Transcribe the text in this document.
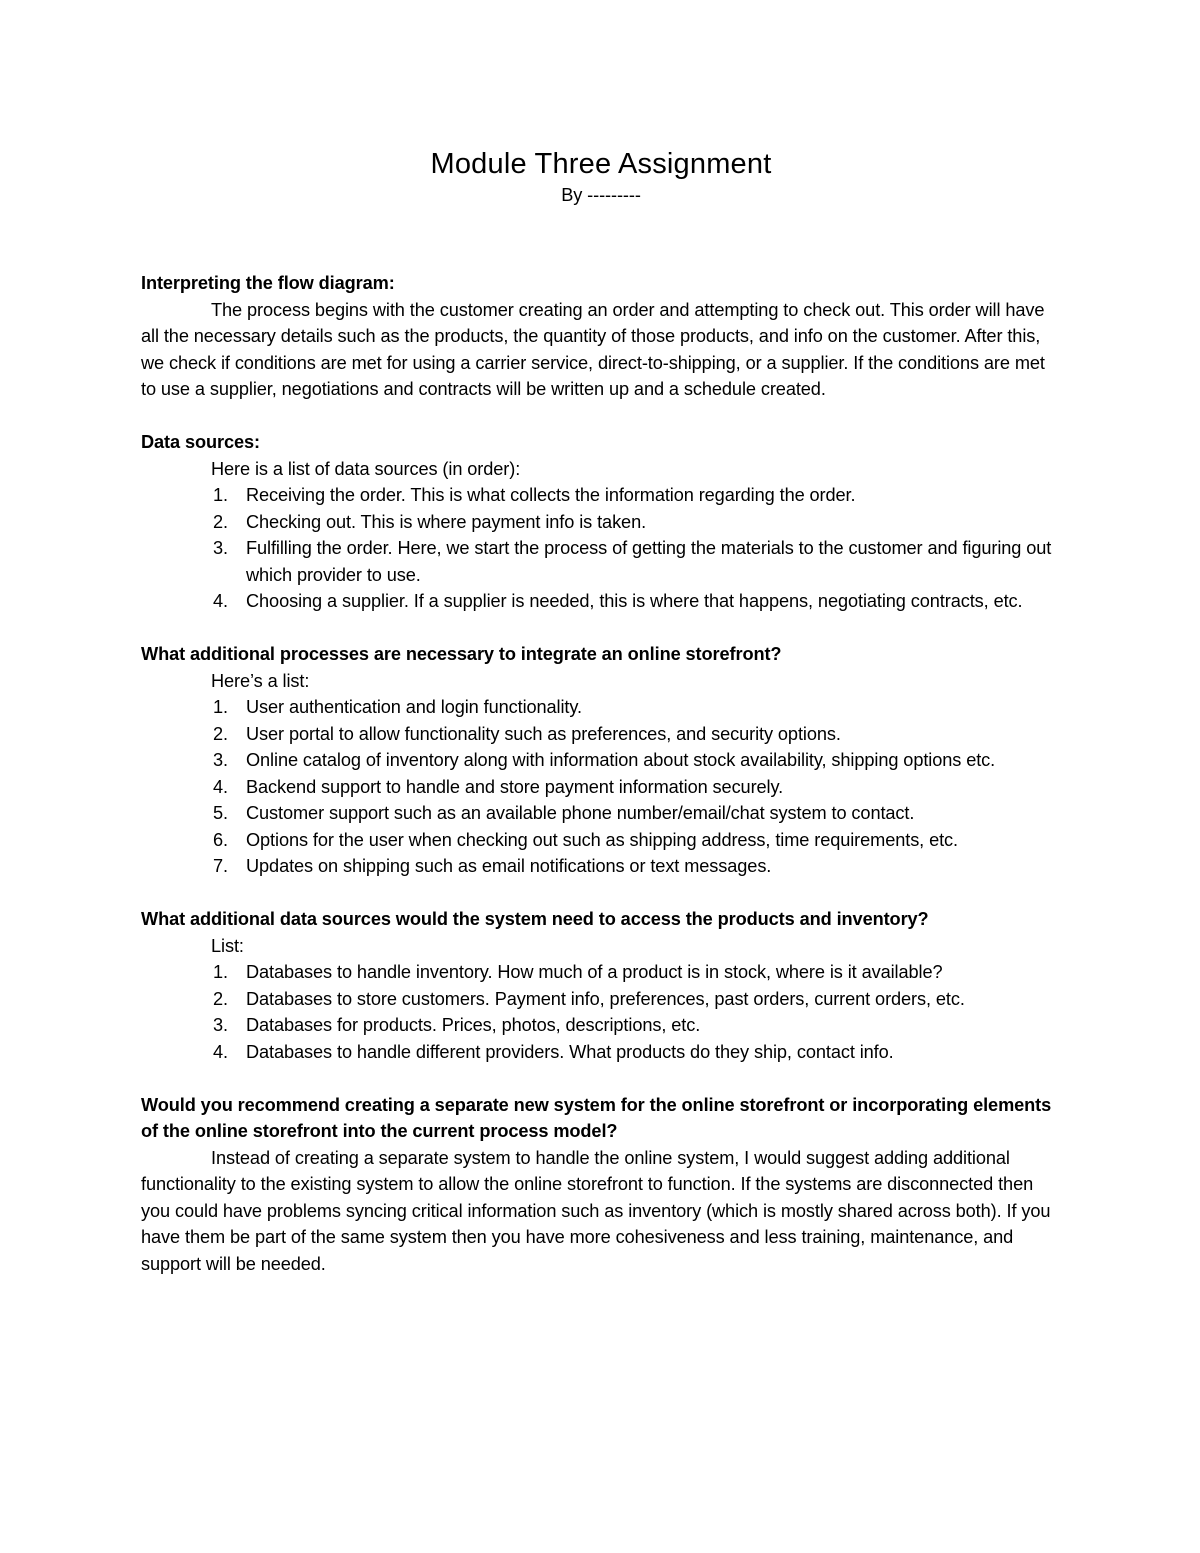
Module Three Assignment

By ---------

Interpreting the flow diagram:

The process begins with the customer creating an order and attempting to check out. This order will have all the necessary details such as the products, the quantity of those products, and info on the customer. After this, we check if conditions are met for using a carrier service, direct-to-shipping, or a supplier. If the conditions are met to use a supplier, negotiations and contracts will be written up and a schedule created.

Data sources:

Here is a list of data sources (in order):

1. Receiving the order. This is what collects the information regarding the order.
2. Checking out. This is where payment info is taken.
3. Fulfilling the order. Here, we start the process of getting the materials to the customer and figuring out which provider to use.
4. Choosing a supplier. If a supplier is needed, this is where that happens, negotiating contracts, etc.

What additional processes are necessary to integrate an online storefront?

Here’s a list:

1. User authentication and login functionality.
2. User portal to allow functionality such as preferences, and security options.
3. Online catalog of inventory along with information about stock availability, shipping options etc.
4. Backend support to handle and store payment information securely.
5. Customer support such as an available phone number/email/chat system to contact.
6. Options for the user when checking out such as shipping address, time requirements, etc.
7. Updates on shipping such as email notifications or text messages.

What additional data sources would the system need to access the products and inventory?

List:

1. Databases to handle inventory. How much of a product is in stock, where is it available?
2. Databases to store customers. Payment info, preferences, past orders, current orders, etc.
3. Databases for products. Prices, photos, descriptions, etc.
4. Databases to handle different providers. What products do they ship, contact info.

Would you recommend creating a separate new system for the online storefront or incorporating elements of the online storefront into the current process model?

Instead of creating a separate system to handle the online system, I would suggest adding additional functionality to the existing system to allow the online storefront to function. If the systems are disconnected then you could have problems syncing critical information such as inventory (which is mostly shared across both). If you have them be part of the same system then you have more cohesiveness and less training, maintenance, and support will be needed.
